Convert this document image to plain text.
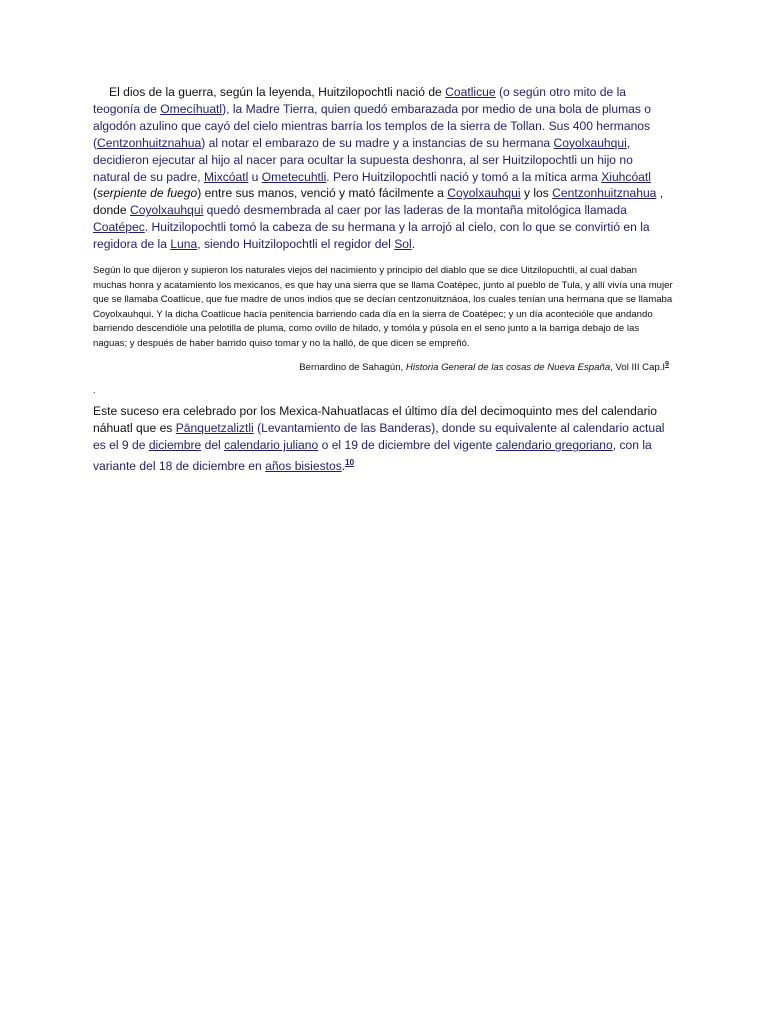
El dios de la guerra, según la leyenda, Huitzilopochtli nació de Coatlicue (o según otro mito de la teogonía de Omecíhuatl), la Madre Tierra, quien quedó embarazada por medio de una bola de plumas o algodón azulino que cayó del cielo mientras barría los templos de la sierra de Tollan. Sus 400 hermanos (Centzonhuitznahua) al notar el embarazo de su madre y a instancias de su hermana Coyolxauhqui, decidieron ejecutar al hijo al nacer para ocultar la supuesta deshonra, al ser Huitzilopochtli un hijo no natural de su padre, Mixcóatl u Ometecuhtli. Pero Huitzilopochtli nació y tomó a la mítica arma Xiuhcóatl (serpiente de fuego) entre sus manos, venció y mató fácilmente a Coyolxauhqui y los Centzonhuitznahua , donde Coyolxauhqui quedó desmembrada al caer por las laderas de la montaña mitológica llamada Coatépec. Huitzilopochtli tomó la cabeza de su hermana y la arrojó al cielo, con lo que se convirtió en la regidora de la Luna, siendo Huitzilopochtli el regidor del Sol.

Según lo que dijeron y supieron los naturales viejos del nacimiento y principio del diablo que se dice Uitzilopuchtli, al cual daban muchas honra y acatamiento los mexicanos, es que hay una sierra que se llama Coatépec, junto al pueblo de Tula, y allí vivía una mujer que se llamaba Coatlicue, que fue madre de unos indios que se decían centzonuitznáoa, los cuales tenían una hermana que se llamaba Coyolxauhqui. Y la dicha Coatlicue hacía penitencia barriendo cada día en la sierra de Coatépec; y un día aconteciόle que andando barriendo descendióle una pelotilla de pluma, como ovillo de hilado, y tomóla y púsola en el seno junto a la barriga debajo de las naguas; y después de haber barrido quiso tomar y no la halló, de que dicen se empreñó.

Bernardino de Sahagún, Historia General de las cosas de Nueva España, Vol III $Cap.I^9$

.

Este suceso era celebrado por los Mexica-Nahuatlacas el último día del decimoquinto mes del calendario náhuatl que es Pānquetzaliztli (Levantamiento de las Banderas), donde su equivalente al calendario actual es el 9 de diciembre del calendario juliano o el 19 de diciembre del vigente calendario gregoriano, con la variante del 18 de diciembre en años bisiestos.$^{10}$
